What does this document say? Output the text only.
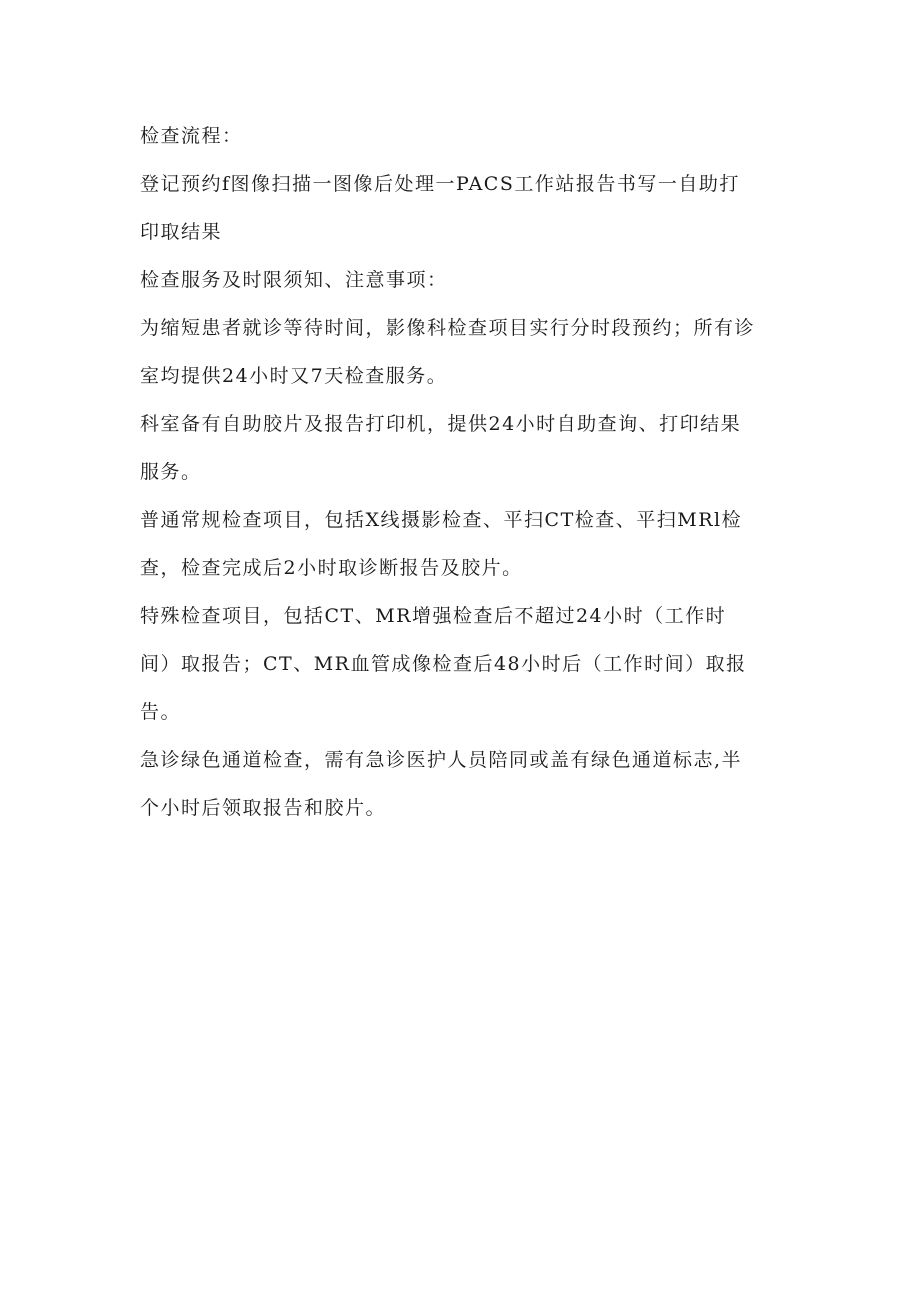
检查流程：
登记预约f图像扫描一图像后处理一PACS工作站报告书写一自助打
印取结果
检查服务及时限须知、注意事项：
为缩短患者就诊等待时间，影像科检查项目实行分时段预约；所有诊
室均提供24小时又7天检查服务。
科室备有自助胶片及报告打印机，提供24小时自助查询、打印结果
服务。
普通常规检查项目，包括X线摄影检查、平扫CT检查、平扫MRl检
查，检查完成后2小时取诊断报告及胶片。
特殊检查项目，包括CT、MR增强检查后不超过24小时（工作时
间）取报告；CT、MR血管成像检查后48小时后（工作时间）取报
告。
急诊绿色通道检查，需有急诊医护人员陪同或盖有绿色通道标志,半
个小时后领取报告和胶片。
